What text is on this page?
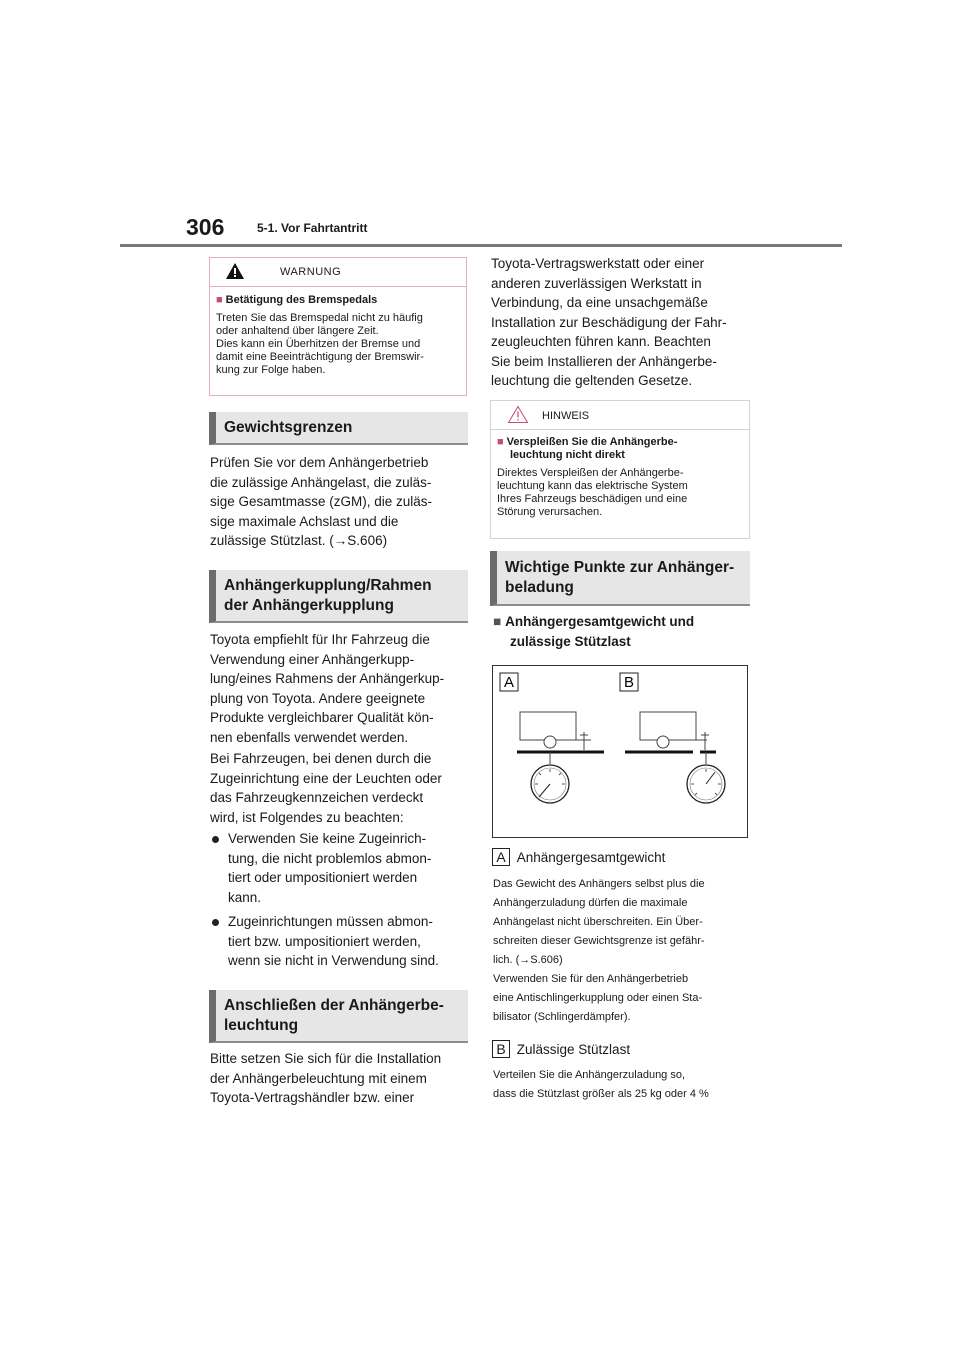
306	5-1. Vor Fahrtantritt
WARNUNG
■ Betätigung des Bremspedals
Treten Sie das Bremspedal nicht zu häufig
oder anhaltend über längere Zeit.
Dies kann ein Überhitzen der Bremse und
damit eine Beeinträchtigung der Bremswir-
kung zur Folge haben.
Gewichtsgrenzen
Prüfen Sie vor dem Anhängerbetrieb
die zulässige Anhängelast, die zuläs-
sige Gesamtmasse (zGM), die zuläs-
sige maximale Achslast und die
zulässige Stützlast. (→S.606)
Anhängerkupplung/Rahmen
der Anhängerkupplung
Toyota empfiehlt für Ihr Fahrzeug die
Verwendung einer Anhängerkupp-
lung/eines Rahmens der Anhängerkup-
plung von Toyota. Andere geeignete
Produkte vergleichbarer Qualität kön-
nen ebenfalls verwendet werden.
Bei Fahrzeugen, bei denen durch die
Zugeinrichtung eine der Leuchten oder
das Fahrzeugkennzeichen verdeckt
wird, ist Folgendes zu beachten:
Verwenden Sie keine Zugeinrich-
tung, die nicht problemlos abmon-
tiert oder umpositioniert werden
kann.
Zugeinrichtungen müssen abmon-
tiert bzw. umpositioniert werden,
wenn sie nicht in Verwendung sind.
Anschließen der Anhängerbe-
leuchtung
Bitte setzen Sie sich für die Installation
der Anhängerbeleuchtung mit einem
Toyota-Vertragshändler bzw. einer
Toyota-Vertragswerkstatt oder einer
anderen zuverlässigen Werkstatt in
Verbindung, da eine unsachgemäße
Installation zur Beschädigung der Fahr-
zeugleuchten führen kann. Beachten
Sie beim Installieren der Anhängerbe-
leuchtung die geltenden Gesetze.
HINWEIS
■ Verspleißen Sie die Anhängerbe-
leuchtung nicht direkt
Direktes Verspleißen der Anhängerbe-
leuchtung kann das elektrische System
Ihres Fahrzeugs beschädigen und eine
Störung verursachen.
Wichtige Punkte zur Anhänger-
beladung
■ Anhängergesamtgewicht und
zulässige Stützlast
A	B
A Anhängergesamtgewicht
Das Gewicht des Anhängers selbst plus die
Anhängerzuladung dürfen die maximale
Anhängelast nicht überschreiten. Ein Über-
schreiten dieser Gewichtsgrenze ist gefähr-
lich. (→S.606)
Verwenden Sie für den Anhängerbetrieb
eine Antischlingerkupplung oder einen Sta-
bilisator (Schlingerdämpfer).
B Zulässige Stützlast
Verteilen Sie die Anhängerzuladung so,
dass die Stützlast größer als 25 kg oder 4 %
